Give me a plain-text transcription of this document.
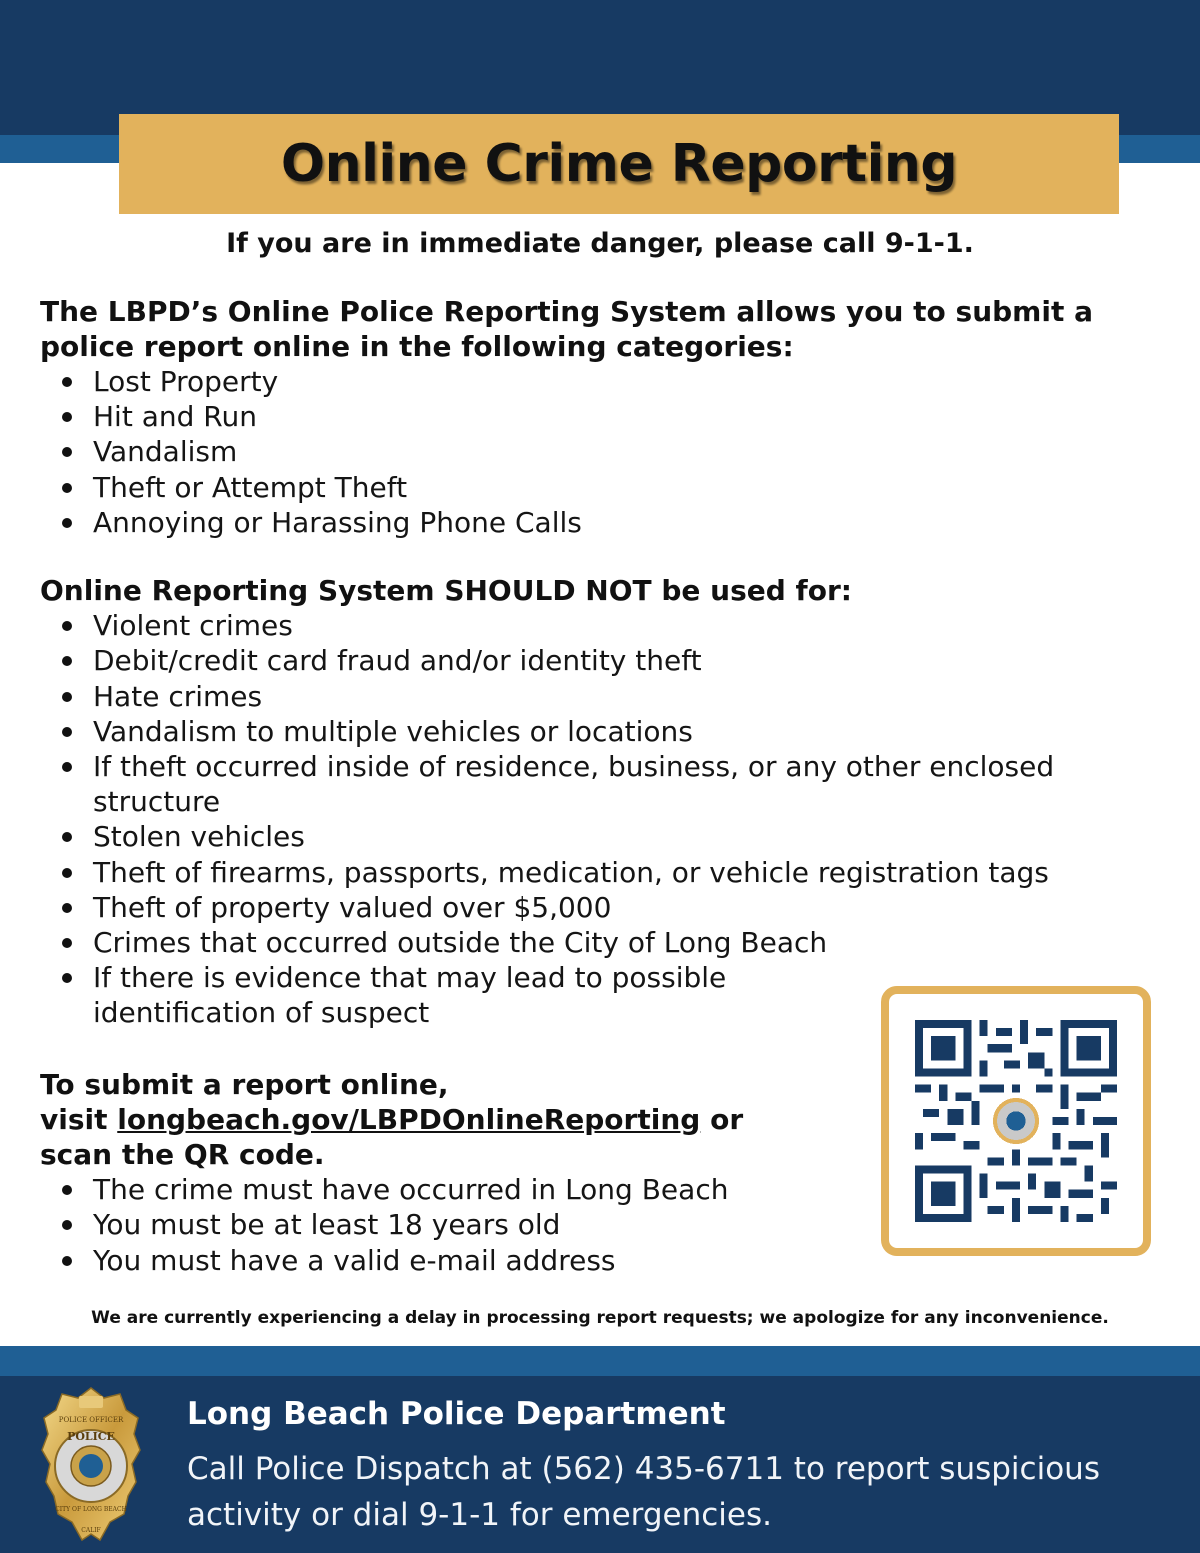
Online Crime Reporting
If you are in immediate danger, please call 9-1-1.

The LBPD’s Online Police Reporting System allows you to submit a police report online in the following categories:

Lost Property
Hit and Run
Vandalism
Theft or Attempt Theft
Annoying or Harassing Phone Calls

Online Reporting System SHOULD NOT be used for:

Violent crimes
Debit/credit card fraud and/or identity theft
Hate crimes
Vandalism to multiple vehicles or locations
If theft occurred inside of residence, business, or any other enclosed structure
Stolen vehicles
Theft of firearms, passports, medication, or vehicle registration tags
Theft of property valued over $5,000
Crimes that occurred outside the City of Long Beach
If there is evidence that may lead to possible identification of suspect

To submit a report online,

visit longbeach.gov/LBPDOnlineReporting or

scan the QR code.

The crime must have occurred in Long Beach
You must be at least 18 years old
You must have a valid e-mail address
We are currently experiencing a delay in processing report requests; we apologize for any inconvenience.
POLICE OFFICER
POLICE
CITY OF LONG BEACH
CALIF
Long Beach Police Department
Call Police Dispatch at (562) 435-6711 to report suspicious activity or dial 9-1-1 for emergencies.
